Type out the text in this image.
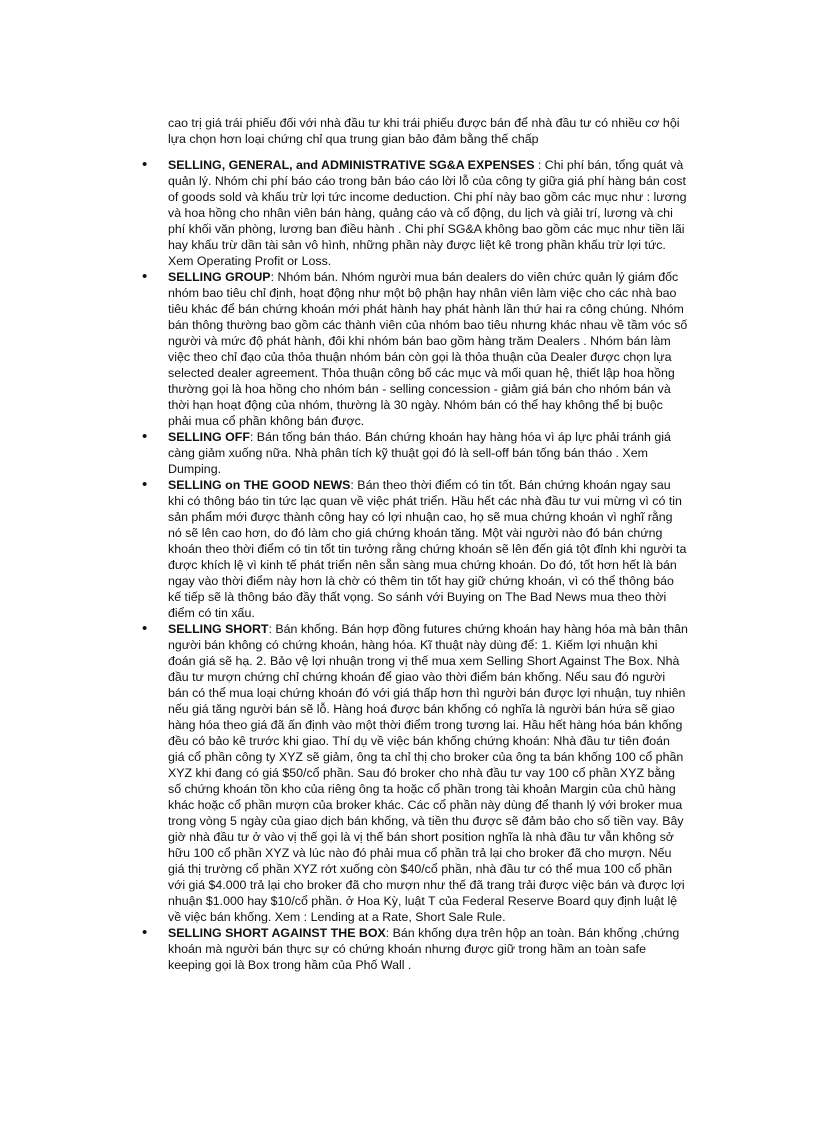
cao trị giá trái phiếu đối với nhà đầu tư khi trái phiếu được bán để nhà đầu tư có nhiều cơ hội lựa chọn hơn loại chứng chỉ qua trung gian bảo đảm bằng thế chấp

•	SELLING, GENERAL, and ADMINISTRATIVE SG&A EXPENSES : Chi phí bán, tổng quát và quản lý. Nhóm chi phí báo cáo trong bản báo cáo lời lỗ của công ty giữa giá phí hàng bán cost of goods sold và khấu trừ lợi tức income deduction. Chi phí này bao gồm các mục như : lương và hoa hồng cho nhân viên bán hàng, quảng cáo và cổ động, du lịch và giải trí, lương và chi phí khối văn phòng, lương ban điều hành . Chi phí SG&A không bao gồm các mục như tiền lãi hay khấu trừ dần tài sản vô hình, những phần này được liệt kê trong phần khấu trừ lợi tức. Xem Operating Profit or Loss.

•	SELLING GROUP: Nhóm bán. Nhóm người mua bán dealers do viên chức quản lý giám đốc nhóm bao tiêu chỉ định, hoạt động như một bộ phận hay nhân viên làm việc cho các nhà bao tiêu khác để bán chứng khoán mới phát hành hay phát hành lần thứ hai ra công chúng. Nhóm bán thông thường bao gồm các thành viên của nhóm bao tiêu nhưng khác nhau về tầm vóc số người và mức độ phát hành, đôi khi nhóm bán bao gồm hàng trăm Dealers . Nhóm bán làm việc theo chỉ đạo của thỏa thuận nhóm bán còn gọi là thỏa thuận của Dealer được chọn lựa selected dealer agreement. Thỏa thuận công bố các mục và mối quan hệ, thiết lập hoa hồng thường gọi là hoa hồng cho nhóm bán - selling concession - giảm giá bán cho nhóm bán và thời hạn hoạt động của nhóm, thường là 30 ngày. Nhóm bán có thể hay không thể bị buộc phải mua cổ phần không bán được.

•	SELLING OFF: Bán tống bán tháo. Bán chứng khoán hay hàng hóa vì áp lực phải tránh giá càng giảm xuống nữa. Nhà phân tích kỹ thuật gọi đó là sell-off bán tống bán tháo . Xem Dumping.

•	SELLING on THE GOOD NEWS: Bán theo thời điểm có tin tốt. Bán chứng khoán ngay sau khi có thông báo tin tức lạc quan về việc phát triển. Hầu hết các nhà đầu tư vui mừng vì có tin sản phẩm mới được thành công hay có lợi nhuận cao, họ sẽ mua chứng khoán vì nghĩ rằng nó sẽ lên cao hơn, do đó làm cho giá chứng khoán tăng. Một vài người nào đó bán chứng khoán theo thời điểm có tin tốt tin tưởng rằng chứng khoán sẽ lên đến giá tột đỉnh khi người ta được khích lệ vì kinh tế phát triển nên sẵn sàng mua chứng khoán. Do đó, tốt hơn hết là bán ngay vào thời điểm này hơn là chờ có thêm tin tốt hay giữ chứng khoán, vì có thể thông báo kế tiếp sẽ là thông báo đầy thất vọng. So sánh với Buying on The Bad News mua theo thời điểm có tin xấu.

•	SELLING SHORT: Bán khống. Bán hợp đồng futures chứng khoán hay hàng hóa mà bản thân người bán không có chứng khoán, hàng hóa. Kĩ thuật này dùng để: 1. Kiếm lợi nhuận khi đoán giá sẽ hạ. 2. Bảo vệ lợi nhuận trong vị thế mua xem Selling Short Against The Box. Nhà đầu tư mượn chứng chỉ chứng khoán để giao vào thời điểm bán khống. Nếu sau đó người bán có thể mua loại chứng khoán đó với giá thấp hơn thì người bán được lợi nhuận, tuy nhiên nếu giá tăng người bán sẽ lỗ. Hàng hoá được bán khống có nghĩa là người bán hứa sẽ giao hàng hóa theo giá đã ấn định vào một thời điểm trong tương lai. Hầu hết hàng hóa bán khống đều có bảo kê trước khi giao. Thí dụ về việc bán khống chứng khoán: Nhà đầu tư tiên đoán giá cổ phần công ty XYZ sẽ giảm, ông ta chỉ thị cho broker của ông ta bán khống 100 cổ phần XYZ khi đang có giá $50/cổ phần. Sau đó broker cho nhà đầu tư vay 100 cổ phần XYZ bằng số chứng khoán tồn kho của riêng ông ta hoặc cổ phần trong tài khoản Margin của chủ hàng khác hoặc cổ phần mượn của broker khác. Các cổ phần này dùng để thanh lý với broker mua trong vòng 5 ngày của giao dịch bán khống, và tiền thu được sẽ đảm bảo cho số tiền vay. Bây giờ nhà đầu tư ở vào vị thế gọi là vị thế bán short position nghĩa là nhà đầu tư vẫn không sở hữu 100 cổ phần XYZ và lúc nào đó phải mua cổ phần trả lại cho broker đã cho mượn. Nếu giá thị trường cổ phần XYZ rớt xuống còn $40/cổ phần, nhà đầu tư có thể mua 100 cổ phần với giá $4.000 trả lại cho broker đã cho mượn như thế đã trang trải được việc bán và được lợi nhuận $1.000 hay $10/cổ phần. ở Hoa Kỳ, luật T của Federal Reserve Board quy định luật lệ về việc bán khống. Xem : Lending at a Rate, Short Sale Rule.

•	SELLING SHORT AGAINST THE BOX: Bán khống dựa trên hộp an toàn. Bán khống ,chứng khoán mà người bán thực sự có chứng khoán nhưng được giữ trong hầm an toàn safe keeping gọi là Box trong hầm của Phố Wall .
